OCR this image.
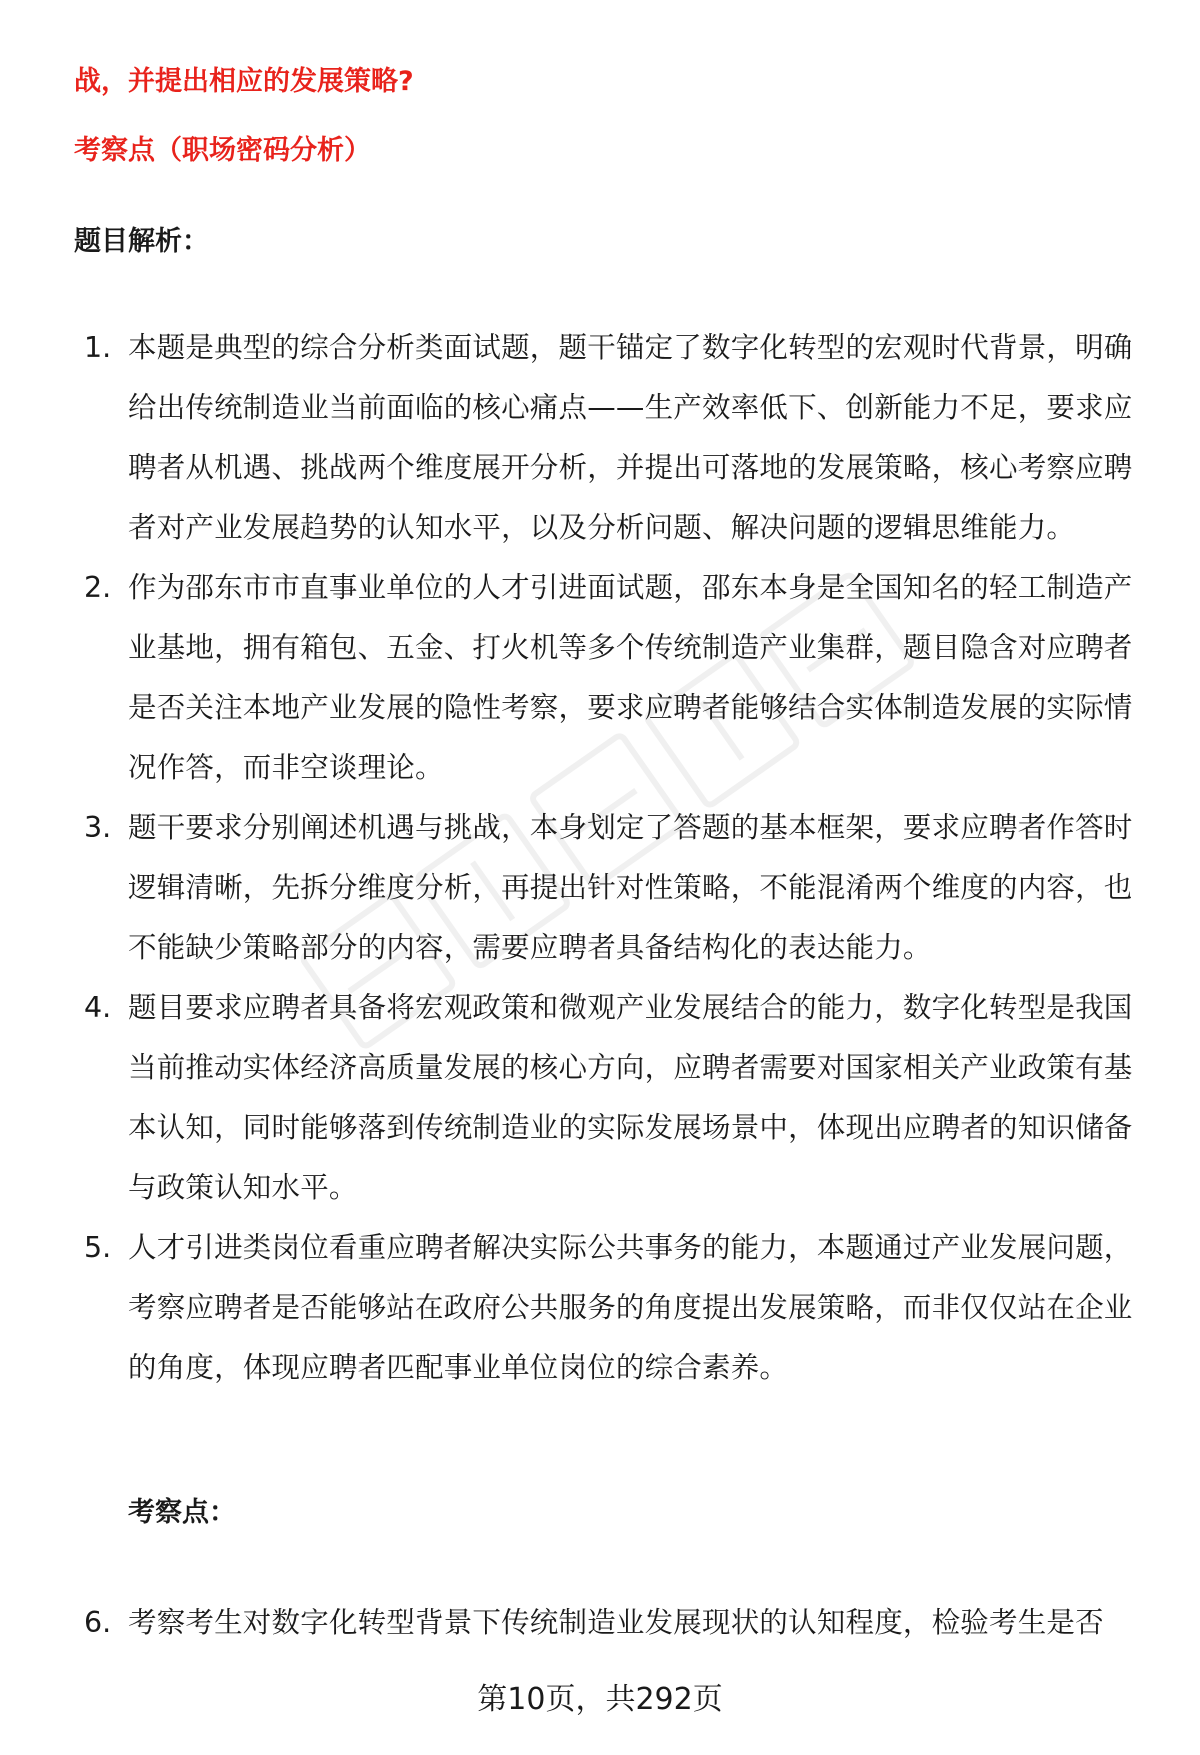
战，并提出相应的发展策略?

考察点（职场密码分析）

题目解析：

1. 本题是典型的综合分析类面试题，题干锚定了数字化转型的宏观时代背景，明确给出传统制造业当前面临的核心痛点——生产效率低下、创新能力不足，要求应聘者从机遇、挑战两个维度展开分析，并提出可落地的发展策略，核心考察应聘者对产业发展趋势的认知水平，以及分析问题、解决问题的逻辑思维能力。
2. 作为邵东市市直事业单位的人才引进面试题，邵东本身是全国知名的轻工制造产业基地，拥有箱包、五金、打火机等多个传统制造产业集群，题目隐含对应聘者是否关注本地产业发展的隐性考察，要求应聘者能够结合实体制造发展的实际情况作答，而非空谈理论。
3. 题干要求分别阐述机遇与挑战，本身划定了答题的基本框架，要求应聘者作答时逻辑清晰，先拆分维度分析，再提出针对性策略，不能混淆两个维度的内容，也不能缺少策略部分的内容，需要应聘者具备结构化的表达能力。
4. 题目要求应聘者具备将宏观政策和微观产业发展结合的能力，数字化转型是我国当前推动实体经济高质量发展的核心方向，应聘者需要对国家相关产业政策有基本认知，同时能够落到传统制造业的实际发展场景中，体现出应聘者的知识储备与政策认知水平。
5. 人才引进类岗位看重应聘者解决实际公共事务的能力，本题通过产业发展问题，考察应聘者是否能够站在政府公共服务的角度提出发展策略，而非仅仅站在企业的角度，体现应聘者匹配事业单位岗位的综合素养。

考察点：

6. 考察考生对数字化转型背景下传统制造业发展现状的认知程度，检验考生是否
第10页，共292页
